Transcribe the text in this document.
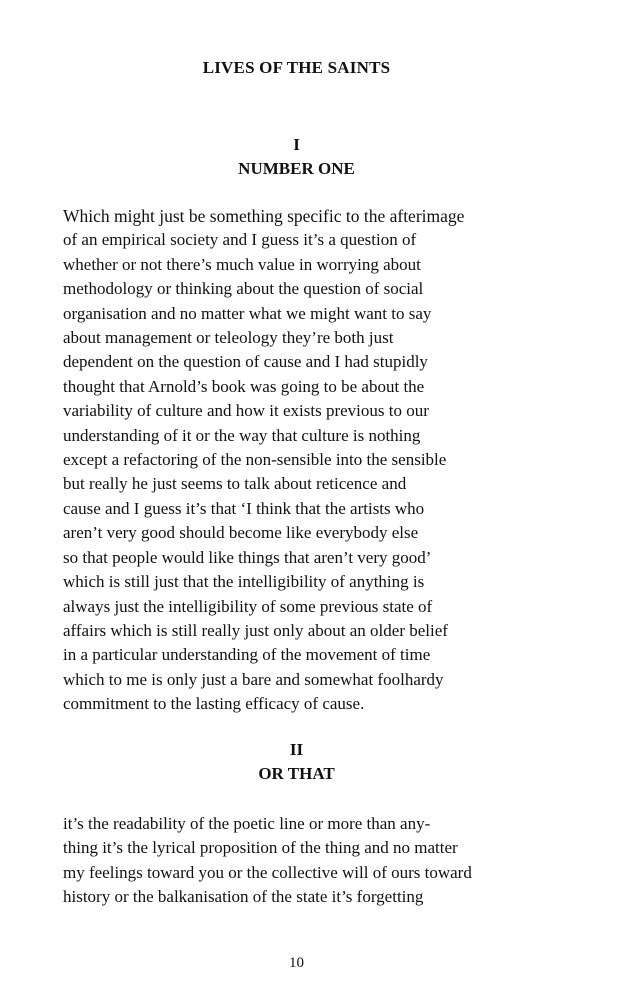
LIVES OF THE SAINTS
I
NUMBER ONE
Which might just be something specific to the afterimage
of an empirical society and I guess it’s a question of
whether or not there’s much value in worrying about
methodology or thinking about the question of social
organisation and no matter what we might want to say
about management or teleology they’re both just
dependent on the question of cause and I had stupidly
thought that Arnold’s book was going to be about the
variability of culture and how it exists previous to our
understanding of it or the way that culture is nothing
except a refactoring of the non-sensible into the sensible
but really he just seems to talk about reticence and
cause and I guess it’s that ‘I think that the artists who
aren’t very good should become like everybody else
so that people would like things that aren’t very good’
which is still just that the intelligibility of anything is
always just the intelligibility of some previous state of
affairs which is still really just only about an older belief
in a particular understanding of the movement of time
which to me is only just a bare and somewhat foolhardy
commitment to the lasting efficacy of cause.
II
OR THAT
it’s the readability of the poetic line or more than any-
thing it’s the lyrical proposition of the thing and no matter
my feelings toward you or the collective will of ours toward
history or the balkanisation of the state it’s forgetting
10
